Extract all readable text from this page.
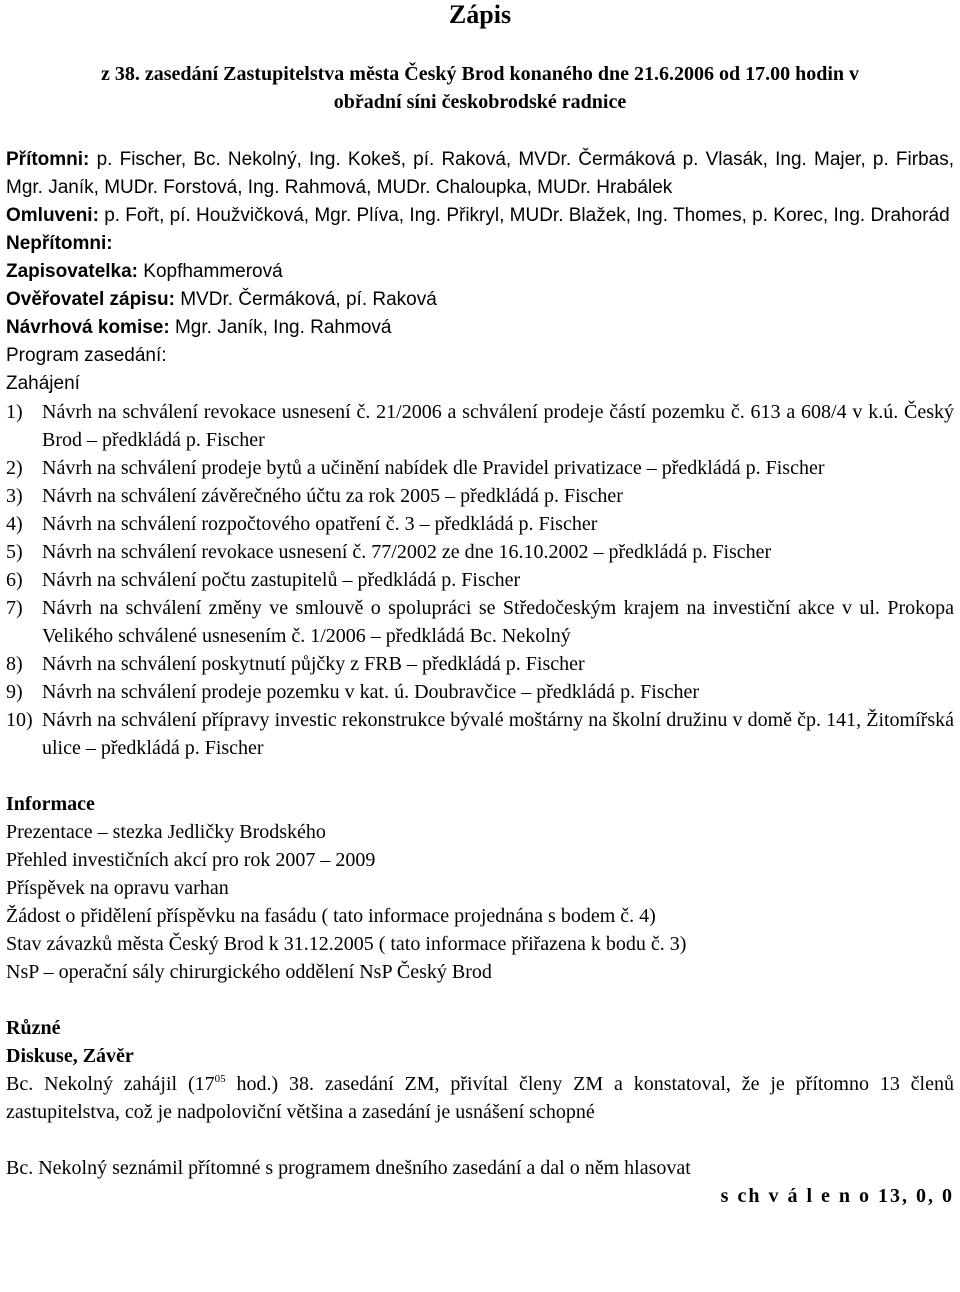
Zápis
z 38. zasedání Zastupitelstva města Český Brod konaného dne 21.6.2006 od 17.00 hodin v obřadní síni českobrodské radnice
Přítomni: p. Fischer, Bc. Nekolný, Ing. Kokeš, pí. Raková, MVDr. Čermáková p. Vlasák, Ing. Majer, p. Firbas, Mgr. Janík, MUDr. Forstová, Ing. Rahmová, MUDr. Chaloupka, MUDr. Hrabálek
Omluveni: p. Fořt, pí. Houžvičková, Mgr. Plíva, Ing. Přikryl, MUDr. Blažek, Ing. Thomes, p. Korec, Ing. Drahorád
Nepřítomni:
Zapisovatelka: Kopfhammerová
Ověřovatel zápisu: MVDr. Čermáková, pí. Raková
Návrhová komise: Mgr. Janík, Ing. Rahmová
Program zasedání:
Zahájení
1) Návrh na schválení revokace usnesení č. 21/2006 a schválení prodeje částí pozemku č. 613 a 608/4 v k.ú. Český Brod – předkládá p. Fischer
2) Návrh na schválení prodeje bytů a učinění nabídek dle Pravidel privatizace – předkládá p. Fischer
3) Návrh na schválení závěrečného účtu za rok 2005 – předkládá p. Fischer
4) Návrh na schválení rozpočtového opatření č. 3 – předkládá p. Fischer
5) Návrh na schválení revokace usnesení č. 77/2002 ze dne 16.10.2002 – předkládá p. Fischer
6) Návrh na schválení počtu zastupitelů – předkládá p. Fischer
7) Návrh na schválení změny ve smlouvě o spolupráci se Středočeským krajem na investiční akce v ul. Prokopa Velikého schválené usnesením č. 1/2006 – předkládá Bc. Nekolný
8) Návrh na schválení poskytnutí půjčky z FRB – předkládá p. Fischer
9) Návrh na schválení prodeje pozemku v kat. ú. Doubravčice – předkládá p. Fischer
10) Návrh na schválení přípravy investic rekonstrukce bývalé moštárny na školní družinu v domě čp. 141, Žitomířská ulice – předkládá p. Fischer
Informace
Prezentace – stezka Jedličky Brodského
Přehled investičních akcí pro rok 2007 – 2009
Příspěvek na opravu varhan
Žádost o přidělení příspěvku na fasádu ( tato informace projednána s bodem č. 4)
Stav závazků města Český Brod k 31.12.2005 ( tato informace přiřazena k bodu č. 3)
NsP – operační sály chirurgického oddělení NsP Český Brod
Různé
Diskuse, Závěr
Bc. Nekolný zahájil ($17^{05}$ hod.) 38. zasedání ZM, přivítal členy ZM a konstatoval, že je přítomno 13 členů zastupitelstva, což je nadpoloviční většina a zasedání je usnášení schopné
Bc. Nekolný seznámil přítomné s programem dnešního zasedání a dal o něm hlasovat
s ch v á l e n o 13, 0, 0
